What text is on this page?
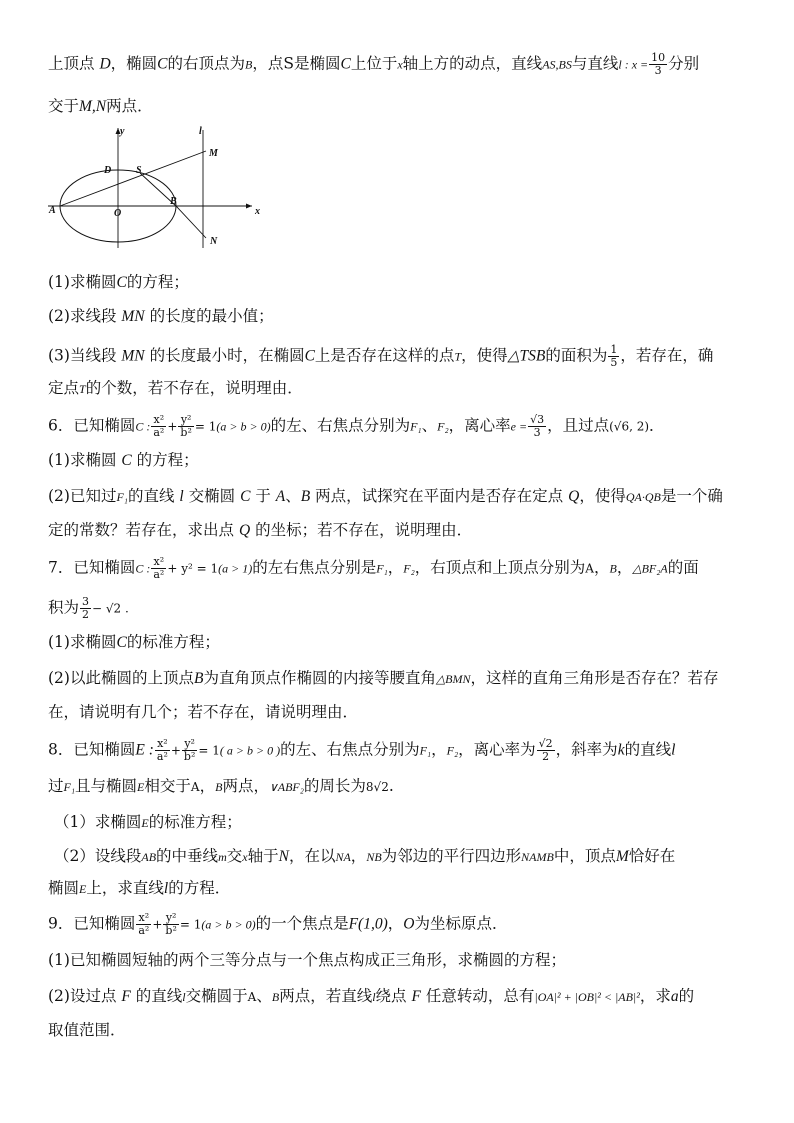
上顶点 D，椭圆C的右顶点为B，点S是椭圆C上位于x轴上方的动点，直线AS,BS与直线l : $x = \frac{10}{3}$ 分别
交于M,N两点．
y
x
l
M
D S
A	O
B
N
(1)求椭圆C的方程；
(2)求线段 MN 的长度的最小值；
(3)当线段 MN 的长度最小时，在椭圆C上是否存在这样的点T，使得△TSB的面积为 $\frac{1}{5}$ ，若存在，确
定点T的个数，若不存在，说明理由．
6．已知椭圆C : $\frac{\text{x²}}{\text{a²}} + \frac{\text{y²}}{\text{b²}} = 1(a > b > 0)$的左、右焦点分别为F₁、F₂，离心率$e = \frac{√3}{3}$ ，且过点(√6, 2)．
(1)求椭圆 C 的方程；
(2)已知过F₁的直线 l 交椭圆 C 于 A、B 两点，试探究在平面内是否存在定点 Q，使得QA·QB是一个确
定的常数？若存在，求出点 Q 的坐标；若不存在，说明理由．
7．已知椭圆C : $\frac{\text{x²}}{\text{a²}} + y^2 = 1(a > 1)$的左右焦点分别是F₁，F₂，右顶点和上顶点分别为A，B，△BF₂A的面
积为 $\frac{3}{2} - √2$ .
(1)求椭圆C的标准方程；
(2)以此椭圆的上顶点B为直角顶点作椭圆的内接等腰直角△BMN，这样的直角三角形是否存在？若存
在，请说明有几个；若不存在，请说明理由．
8．已知椭圆E : $\frac{\text{x²}}{\text{a²}} + \frac{\text{y²}}{\text{b²}} = 1$( a > b > 0 )的左、右焦点分别为F₁，F₂，离心率为 $\frac{√2}{2}$ ，斜率为k的直线l
过F₁且与椭圆E相交于A，B两点，∨ABF₂的周长为8√2.
（1）求椭圆E的标准方程；
（2）设线段AB的中垂线m交x轴于N，在以NA，NB为邻边的平行四边形NAMB中，顶点M恰好在
椭圆E上，求直线l的方程．
9．已知椭圆 $\frac{\text{x²}}{\text{a²}} + \frac{\text{y²}}{\text{b²}} = 1(a > b > 0)$的一个焦点是F(1,0)，O为坐标原点．
(1)已知椭圆短轴的两个三等分点与一个焦点构成正三角形，求椭圆的方程；
(2)设过点 F 的直线l交椭圆于A、B两点，若直线l绕点 F 任意转动，总有|OA|² + |OB|² < |AB|²，求a的
取值范围．
